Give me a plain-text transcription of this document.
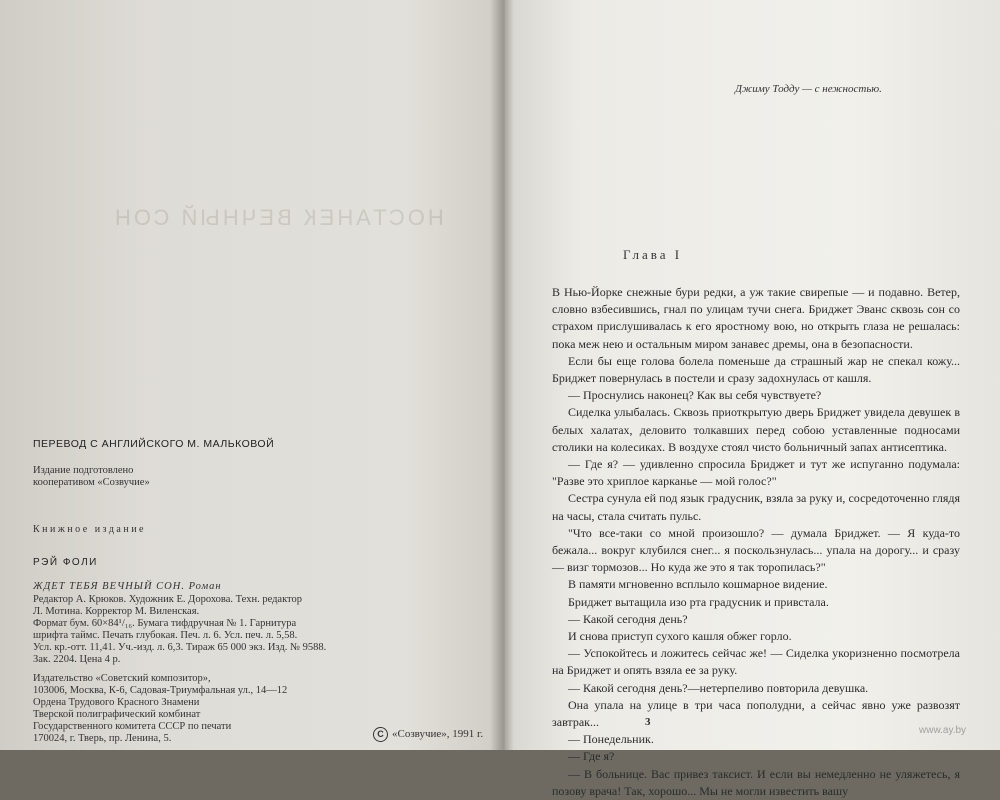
НОСТАНЕК ВЕЧНЫЙ СОН
ПЕРЕВОД С АНГЛИЙСКОГО М. МАЛЬКОВОЙ
Издание подготовлено
кооперативом «Созвучие»
Книжное издание
РЭЙ ФОЛИ
ЖДЕТ ТЕБЯ ВЕЧНЫЙ СОН. Роман
Редактор А. Крюков. Художник Е. Дорохова. Техн. редактор
Л. Мотина. Корректор М. Виленская.
Формат бум. 60×84¹/₁₆. Бумага тифдручная № 1. Гарнитура
шрифта таймс. Печать глубокая. Печ. л. 6. Усл. печ. л. 5,58.
Усл. кр.-отт. 11,41. Уч.-изд. л. 6,3. Тираж 65 000 экз. Изд. № 9588.
Зак. 2204. Цена 4 р.
Издательство «Советский композитор»,
103006, Москва, К-6, Садовая-Триумфальная ул., 14—12
Ордена Трудового Красного Знамени
Тверской полиграфический комбинат
Государственного комитета СССР по печати
170024, г. Тверь, пр. Ленина, 5.	C «Созвучие», 1991 г.
Джиму Тодду — с нежностью.
Глава I

В Нью-Йорке снежные бури редки, а уж такие свирепые — и подавно. Ветер, словно взбесившись, гнал по улицам тучи снега. Бриджет Эванс сквозь сон со страхом прислушивалась к его яростному вою, но открыть глаза не решалась: пока меж нею и остальным миром занавес дремы, она в безопасности.

Если бы еще голова болела поменьше да страшный жар не спекал кожу... Бриджет повернулась в постели и сразу задохнулась от кашля.

— Проснулись наконец? Как вы себя чувствуете?

Сиделка улыбалась. Сквозь приоткрытую дверь Бриджет увидела девушек в белых халатах, деловито толкавших перед собою уставленные подносами столики на колесиках. В воздухе стоял чисто больничный запах антисептика.

— Где я? — удивленно спросила Бриджет и тут же испуганно подумала: "Разве это хриплое карканье — мой голос?"

Сестра сунула ей под язык градусник, взяла за руку и, сосредоточенно глядя на часы, стала считать пульс.

"Что все-таки со мной произошло? — думала Бриджет. — Я куда-то бежала... вокруг клубился снег... я поскользнулась... упала на дорогу... и сразу — визг тормозов... Но куда же это я так торопилась?"

В памяти мгновенно всплыло кошмарное видение.

Бриджет вытащила изо рта градусник и привстала.

— Какой сегодня день?

И снова приступ сухого кашля обжег горло.

— Успокойтесь и ложитесь сейчас же! — Сиделка укоризненно посмотрела на Бриджет и опять взяла ее за руку.

— Какой сегодня день?—нетерпеливо повторила девушка.

Она упала на улице в три часа пополудни, а сейчас явно уже развозят завтрак...

— Понедельник.

— Где я?

— В больнице. Вас привез таксист. И если вы немедленно не уляжетесь, я позову врача! Так, хорошо... Мы не могли известить вашу

3
www.ay.by
